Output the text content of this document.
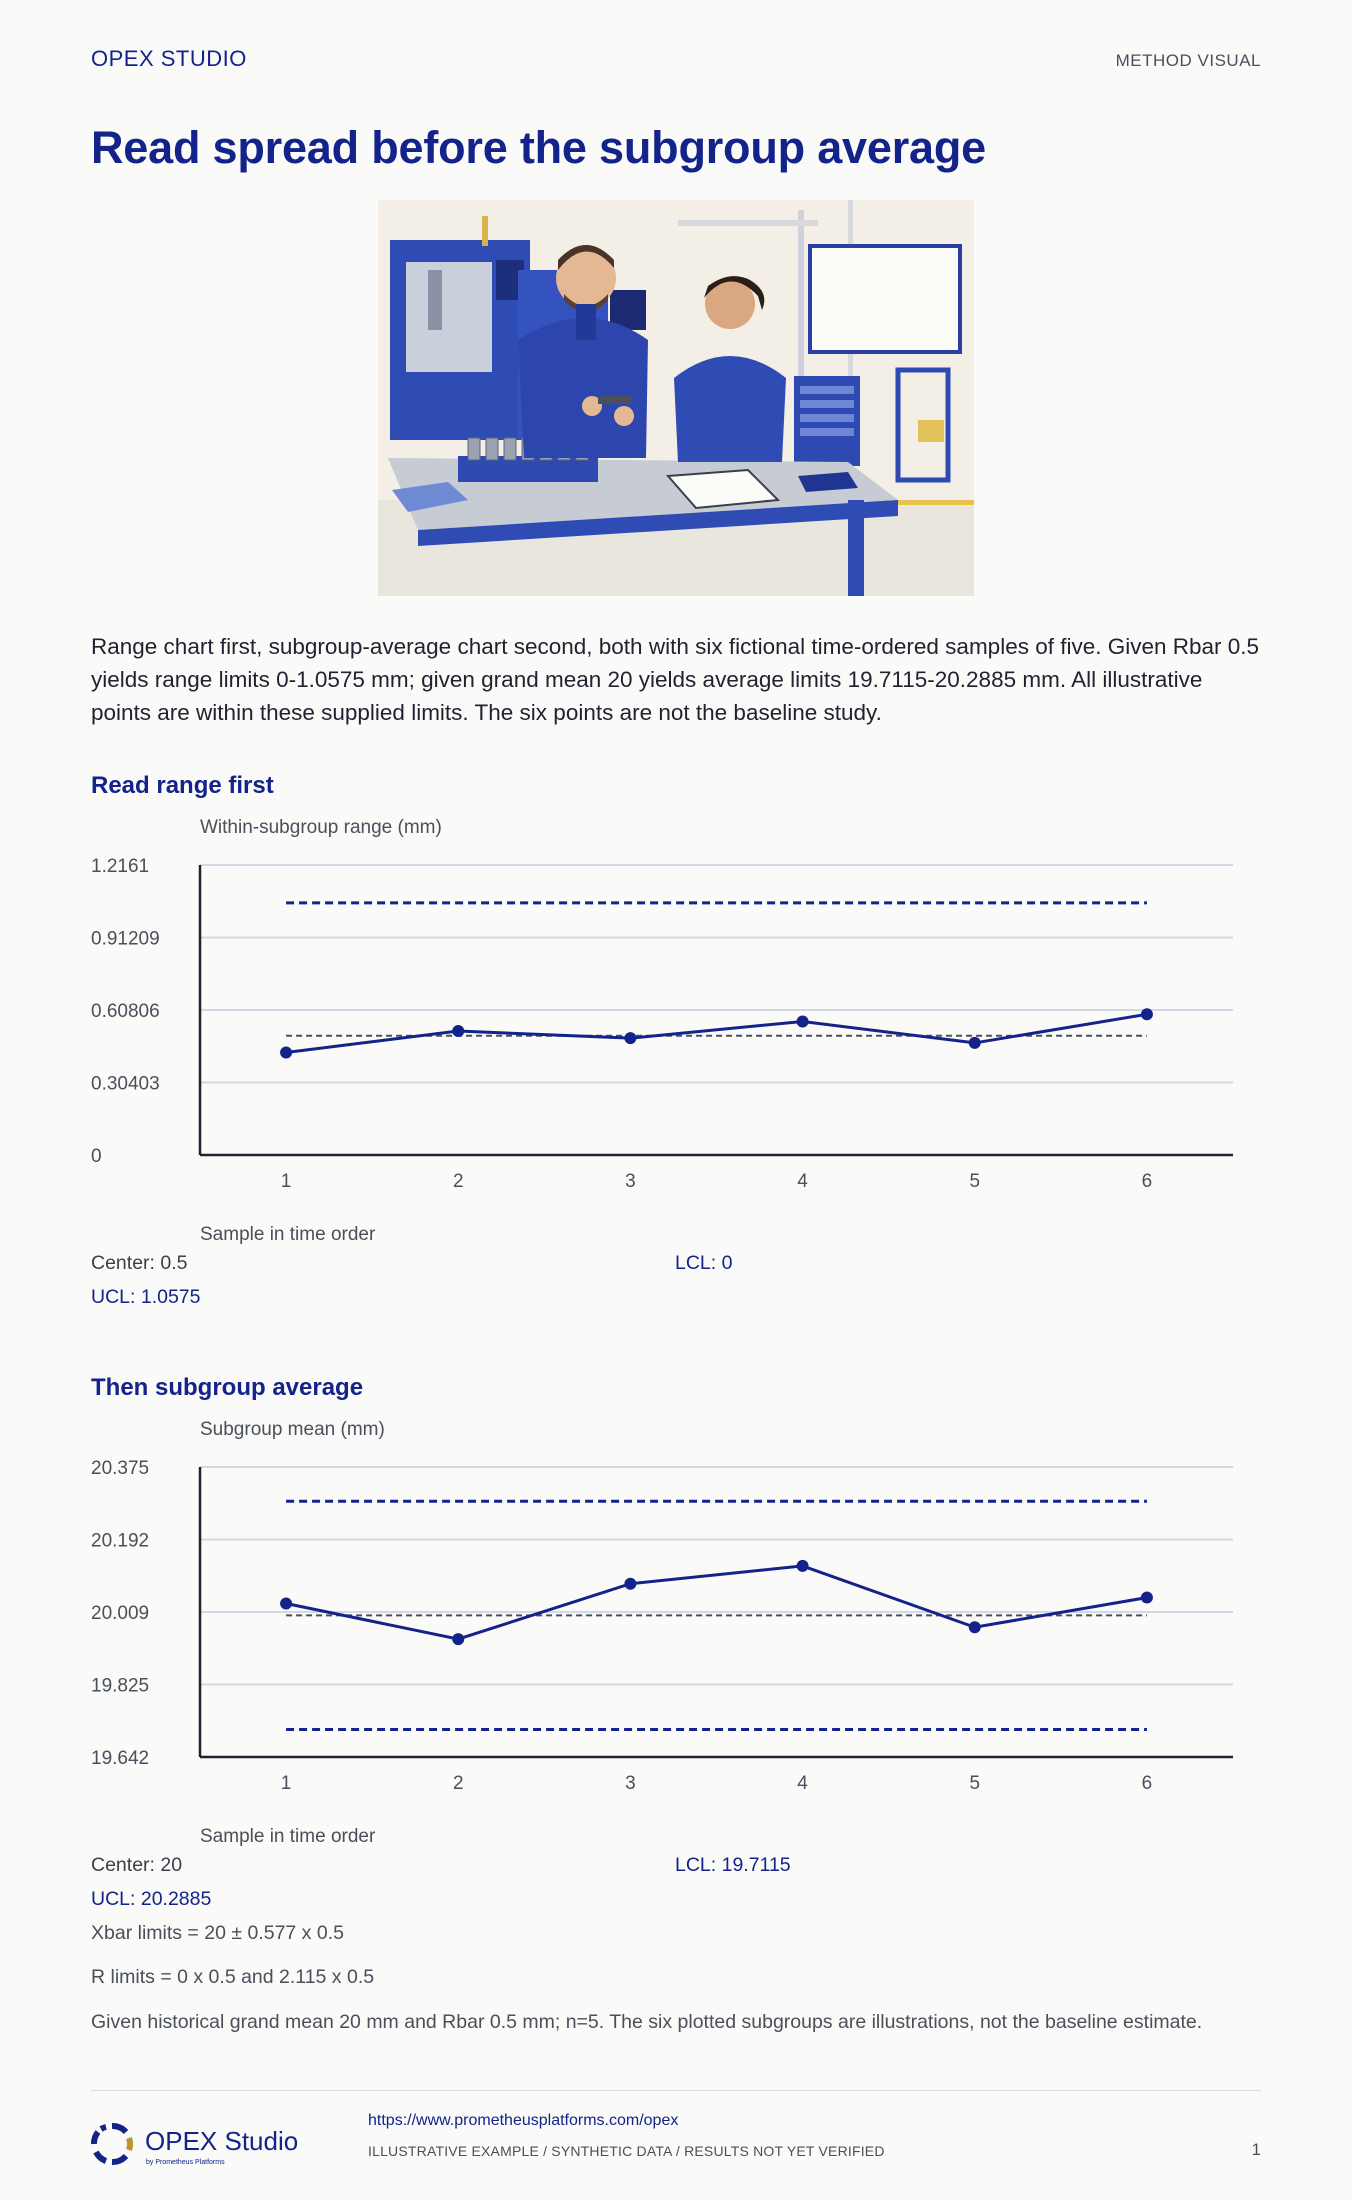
OPEX STUDIO	METHOD VISUAL
Read spread before the subgroup average

Range chart first, subgroup-average chart second, both with six fictional time-ordered samples of five. Given Rbar 0.5 yields range limits 0-1.0575 mm; given grand mean 20 yields average limits 19.7115-20.2885 mm. All illustrative points are within these supplied limits. The six points are not the baseline study.

Read range first
Within-subgroup range (mm)
1.2161
0.91209
0.60806
0.30403
0
1	2	3	4	5	6
Sample in time order
Center: 0.5	LCL: 0
UCL: 1.0575
Then subgroup average
Subgroup mean (mm)
20.375
20.192
20.009
19.825
19.642
1	2	3	4	5	6
Sample in time order
Center: 20	LCL: 19.7115
UCL: 20.2885
Xbar limits = 20 ± 0.577 x 0.5
R limits = 0 x 0.5 and 2.115 x 0.5
Given historical grand mean 20 mm and Rbar 0.5 mm; n=5. The six plotted subgroups are illustrations, not the baseline estimate.
OPEX Studio
by Prometheus Platforms
https://www.prometheusplatforms.com/opex
ILLUSTRATIVE EXAMPLE / SYNTHETIC DATA / RESULTS NOT YET VERIFIED	1
